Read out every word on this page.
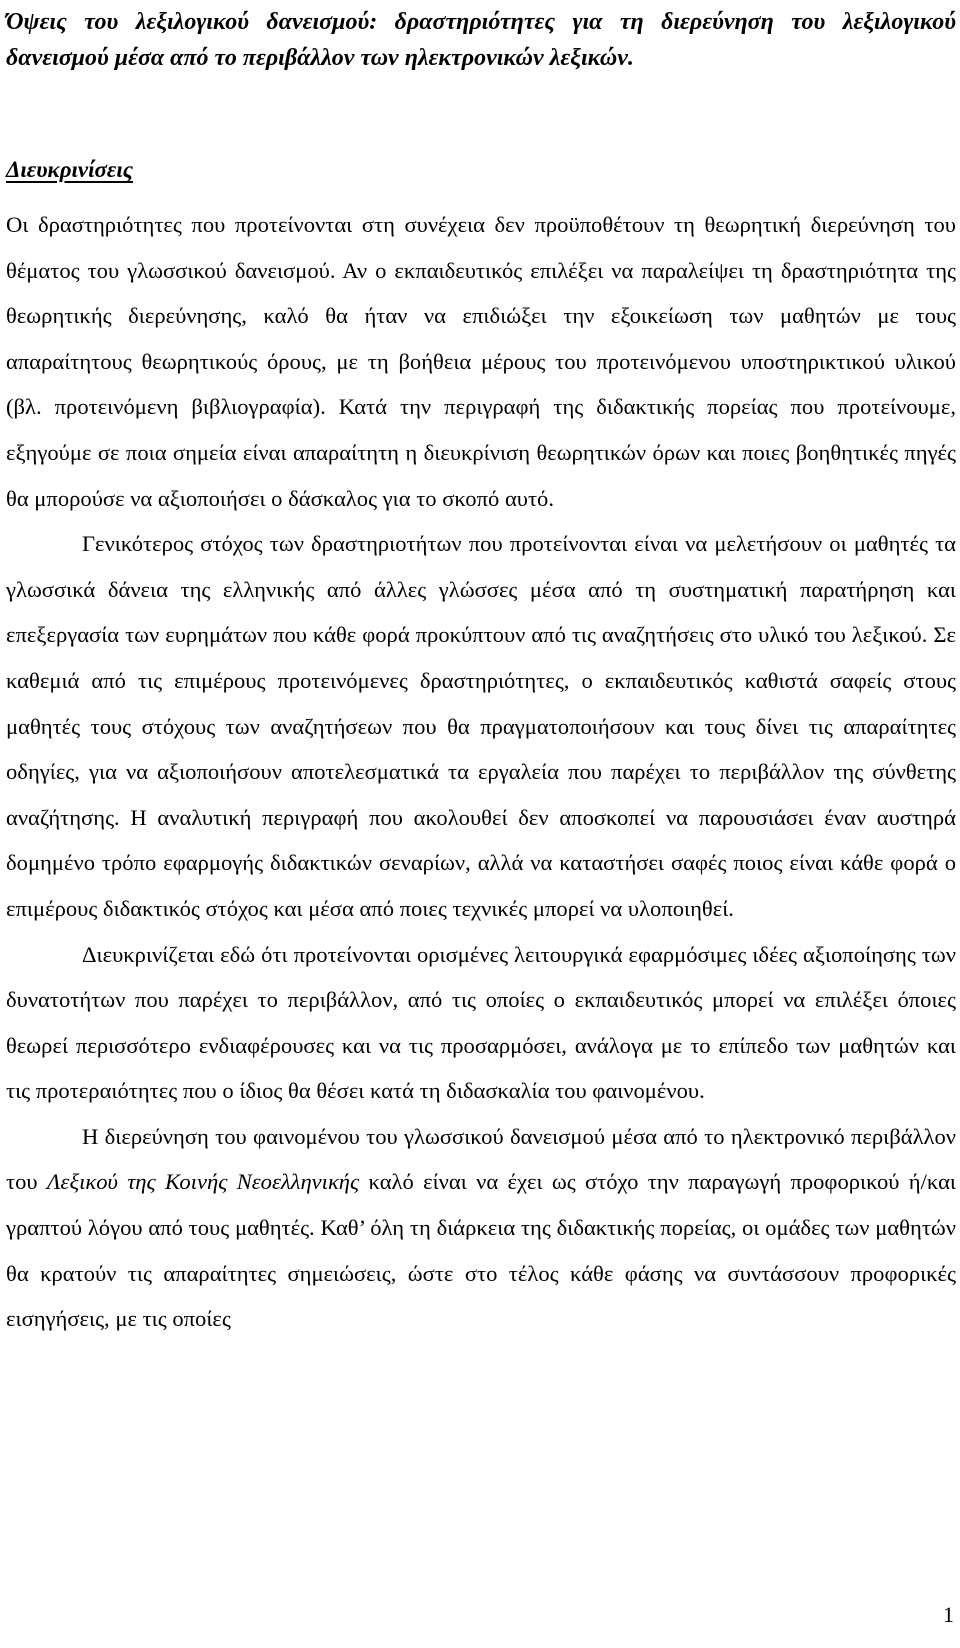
Όψεις του λεξιλογικού δανεισμού: δραστηριότητες για τη διερεύνηση του λεξιλογικού δανεισμού μέσα από το περιβάλλον των ηλεκτρονικών λεξικών.
Διευκρινίσεις

Οι δραστηριότητες που προτείνονται στη συνέχεια δεν προϋποθέτουν τη θεωρητική διερεύνηση του θέματος του γλωσσικού δανεισμού. Αν ο εκπαιδευτικός επιλέξει να παραλείψει τη δραστηριότητα της θεωρητικής διερεύνησης, καλό θα ήταν να επιδιώξει την εξοικείωση των μαθητών με τους απαραίτητους θεωρητικούς όρους, με τη βοήθεια μέρους του προτεινόμενου υποστηρικτικού υλικού (βλ. προτεινόμενη βιβλιογραφία). Κατά την περιγραφή της διδακτικής πορείας που προτείνουμε, εξηγούμε σε ποια σημεία είναι απαραίτητη η διευκρίνιση θεωρητικών όρων και ποιες βοηθητικές πηγές θα μπορούσε να αξιοποιήσει ο δάσκαλος για το σκοπό αυτό.

Γενικότερος στόχος των δραστηριοτήτων που προτείνονται είναι να μελετήσουν οι μαθητές τα γλωσσικά δάνεια της ελληνικής από άλλες γλώσσες μέσα από τη συστηματική παρατήρηση και επεξεργασία των ευρημάτων που κάθε φορά προκύπτουν από τις αναζητήσεις στο υλικό του λεξικού. Σε καθεμιά από τις επιμέρους προτεινόμενες δραστηριότητες, ο εκπαιδευτικός καθιστά σαφείς στους μαθητές τους στόχους των αναζητήσεων που θα πραγματοποιήσουν και τους δίνει τις απαραίτητες οδηγίες, για να αξιοποιήσουν αποτελεσματικά τα εργαλεία που παρέχει το περιβάλλον της σύνθετης αναζήτησης. Η αναλυτική περιγραφή που ακολουθεί δεν αποσκοπεί να παρουσιάσει έναν αυστηρά δομημένο τρόπο εφαρμογής διδακτικών σεναρίων, αλλά να καταστήσει σαφές ποιος είναι κάθε φορά ο επιμέρους διδακτικός στόχος και μέσα από ποιες τεχνικές μπορεί να υλοποιηθεί.

Διευκρινίζεται εδώ ότι προτείνονται ορισμένες λειτουργικά εφαρμόσιμες ιδέες αξιοποίησης των δυνατοτήτων που παρέχει το περιβάλλον, από τις οποίες ο εκπαιδευτικός μπορεί να επιλέξει όποιες θεωρεί περισσότερο ενδιαφέρουσες και να τις προσαρμόσει, ανάλογα με το επίπεδο των μαθητών και τις προτεραιότητες που ο ίδιος θα θέσει κατά τη διδασκαλία του φαινομένου.

Η διερεύνηση του φαινομένου του γλωσσικού δανεισμού μέσα από το ηλεκτρονικό περιβάλλον του Λεξικού της Κοινής Νεοελληνικής καλό είναι να έχει ως στόχο την παραγωγή προφορικού ή/και γραπτού λόγου από τους μαθητές. Καθ’ όλη τη διάρκεια της διδακτικής πορείας, οι ομάδες των μαθητών θα κρατούν τις απαραίτητες σημειώσεις, ώστε στο τέλος κάθε φάσης να συντάσσουν προφορικές εισηγήσεις, με τις οποίες

1
